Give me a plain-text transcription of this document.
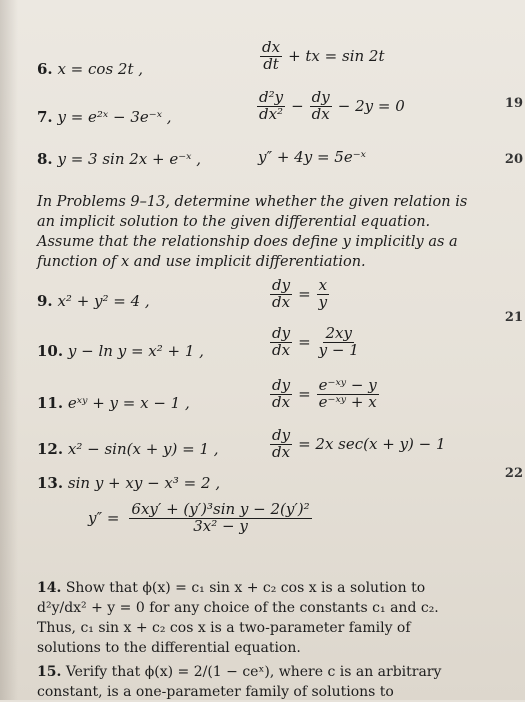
6. x = cos 2t ,	$\frac{dx}{dt}$ + tx = sin 2t
7. y = e²ˣ − 3e⁻ˣ ,	$\frac{\text{d²y}}{\text{dx²}} - \frac{dy}{dx} - 2y = 0$
8. y = 3 sin 2x + e⁻ˣ ,	y″ + 4y = 5e⁻ˣ
In Problems 9–13, determine whether the given relation is an implicit solution to the given differential equation. Assume that the relationship does define y implicitly as a function of x and use implicit differentiation.
9. x² + y² = 4 ,	$\frac{dy}{dx} = \frac{x}{y}$
10. y − ln y = x² + 1 ,	$\frac{dy}{dx} = \frac{2xy}{y - 1}$
11. eˣʸ + y = x − 1 ,	$\frac{dy}{dx} = \frac{\text{e⁻ˣʸ − y}}{\text{e⁻ˣʸ + x}}$
12. x² − sin(x + y) = 1 ,	$\frac{dy}{dx} = 2x$ sec(x + y) − 1
13. sin y + xy − x³ = 2 ,
$y'' = \frac{\text{6xy′ + (y′)³sin y − 2(y′)²}}{\text{3x² − y}}$
14. Show that ϕ(x) = c₁ sin x + c₂ cos x is a solution to d²y/dx² + y = 0 for any choice of the constants c₁ and c₂. Thus, c₁ sin x + c₂ cos x is a two-parameter family of solutions to the differential equation.
15. Verify that ϕ(x) = 2/(1 − ceˣ), where c is an arbitrary
constant, is a one-parameter family of solutions to
19
20
21
22
